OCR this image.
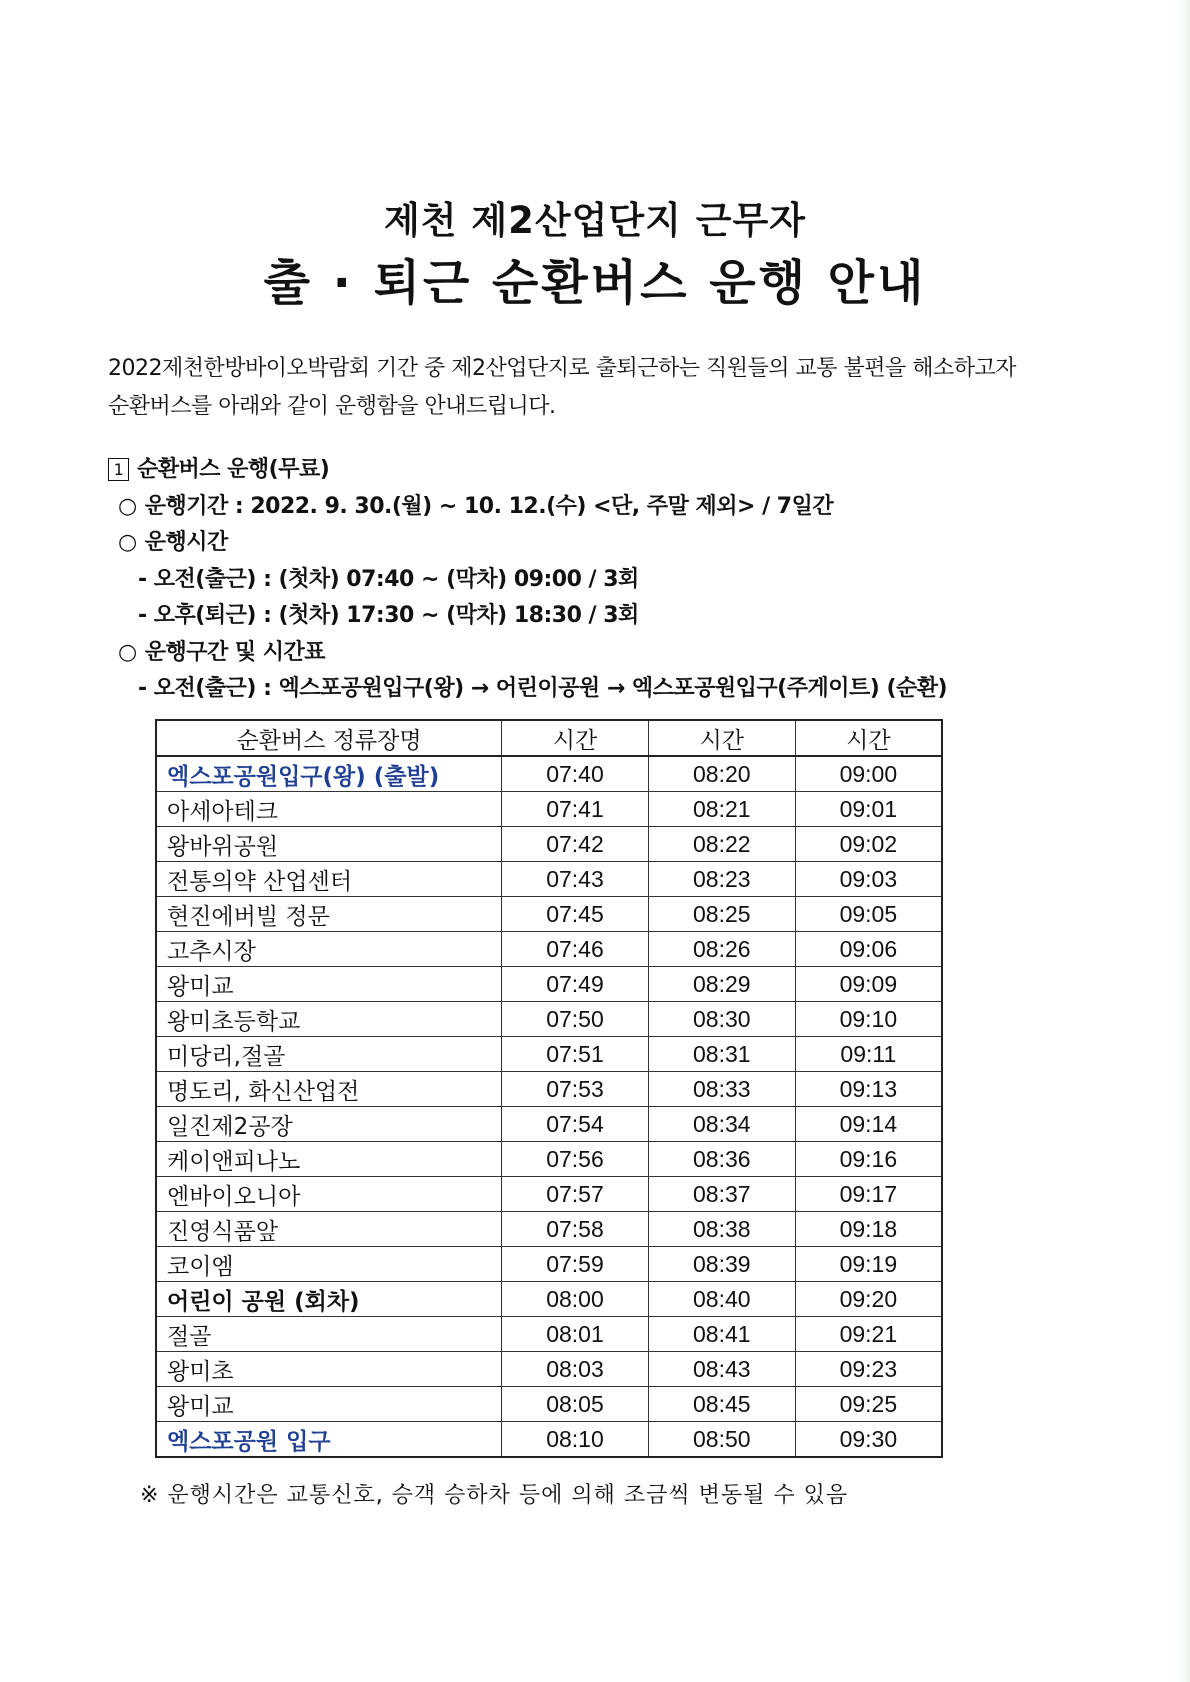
제천 제2산업단지 근무자
출 · 퇴근 순환버스 운행 안내

2022제천한방바이오박람회 기간 중 제2산업단지로 출퇴근하는 직원들의 교통 불편을 해소하고자

순환버스를 아래와 같이 운행함을 안내드립니다.

1 순환버스 운행(무료)
○ 운행기간 : 2022. 9. 30.(월) ~ 10. 12.(수) <단, 주말 제외> / 7일간
○ 운행시간
- 오전(출근) : (첫차) 07:40 ~ (막차) 09:00 / 3회
- 오후(퇴근) : (첫차) 17:30 ~ (막차) 18:30 / 3회
○ 운행구간 및 시간표
- 오전(출근) : 엑스포공원입구(왕) → 어린이공원 → 엑스포공원입구(주게이트) (순환)
순환버스 정류장명	시간	시간	시간
엑스포공원입구(왕) (출발)	07:40	08:20	09:00
아세아테크	07:41	08:21	09:01
왕바위공원	07:42	08:22	09:02
전통의약 산업센터	07:43	08:23	09:03
현진에버빌 정문	07:45	08:25	09:05
고추시장	07:46	08:26	09:06
왕미교	07:49	08:29	09:09
왕미초등학교	07:50	08:30	09:10
미당리,절골	07:51	08:31	09:11
명도리, 화신산업전	07:53	08:33	09:13
일진제2공장	07:54	08:34	09:14
케이앤피나노	07:56	08:36	09:16
엔바이오니아	07:57	08:37	09:17
진영식품앞	07:58	08:38	09:18
코이엠	07:59	08:39	09:19
어린이 공원 (회차)	08:00	08:40	09:20
절골	08:01	08:41	09:21
왕미초	08:03	08:43	09:23
왕미교	08:05	08:45	09:25
엑스포공원 입구	08:10	08:50	09:30
※ 운행시간은 교통신호, 승객 승하차 등에 의해 조금씩 변동될 수 있음
